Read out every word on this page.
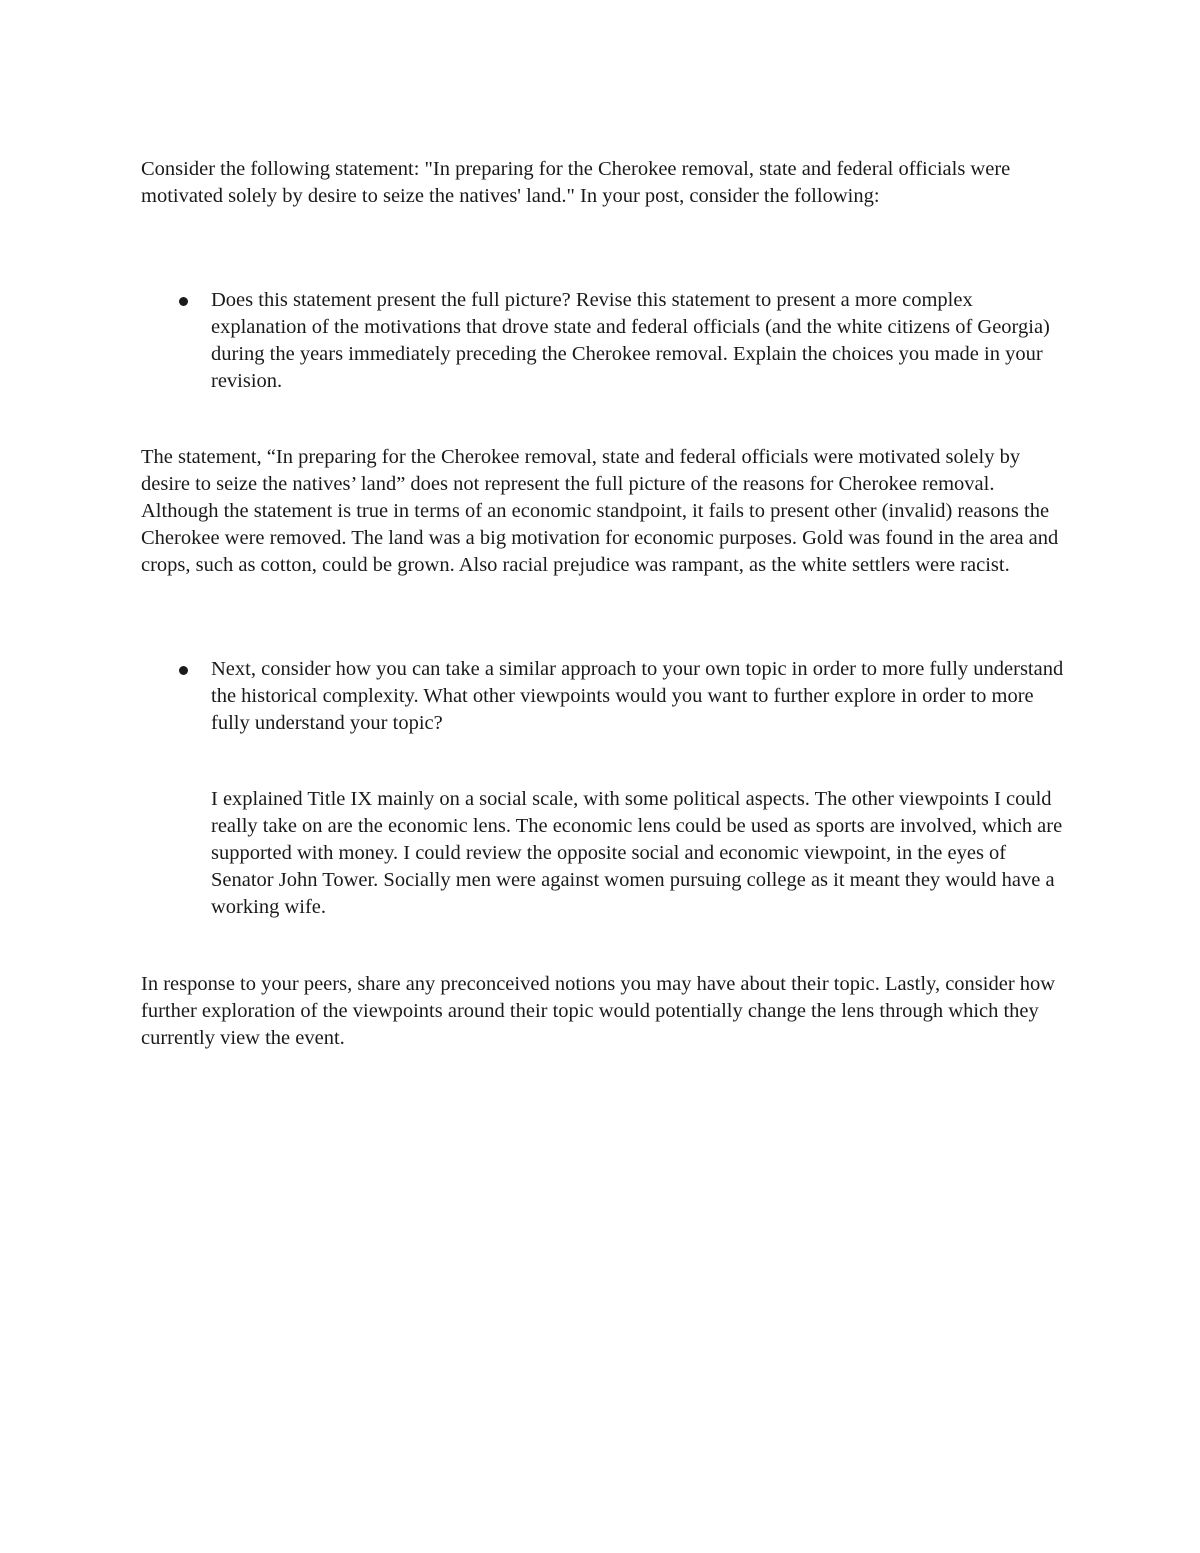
Consider the following statement: "In preparing for the Cherokee removal, state and federal officials were motivated solely by desire to seize the natives' land." In your post, consider the following:

Does this statement present the full picture? Revise this statement to present a more complex explanation of the motivations that drove state and federal officials (and the white citizens of Georgia) during the years immediately preceding the Cherokee removal. Explain the choices you made in your revision.

The statement, “In preparing for the Cherokee removal, state and federal officials were motivated solely by desire to seize the natives’ land” does not represent the full picture of the reasons for Cherokee removal. Although the statement is true in terms of an economic standpoint, it fails to present other (invalid) reasons the Cherokee were removed. The land was a big motivation for economic purposes. Gold was found in the area and crops, such as cotton, could be grown. Also racial prejudice was rampant, as the white settlers were racist.

Next, consider how you can take a similar approach to your own topic in order to more fully understand the historical complexity. What other viewpoints would you want to further explore in order to more fully understand your topic?

I explained Title IX mainly on a social scale, with some political aspects. The other viewpoints I could really take on are the economic lens. The economic lens could be used as sports are involved, which are supported with money. I could review the opposite social and economic viewpoint, in the eyes of Senator John Tower. Socially men were against women pursuing college as it meant they would have a working wife.

In response to your peers, share any preconceived notions you may have about their topic. Lastly, consider how further exploration of the viewpoints around their topic would potentially change the lens through which they currently view the event.
